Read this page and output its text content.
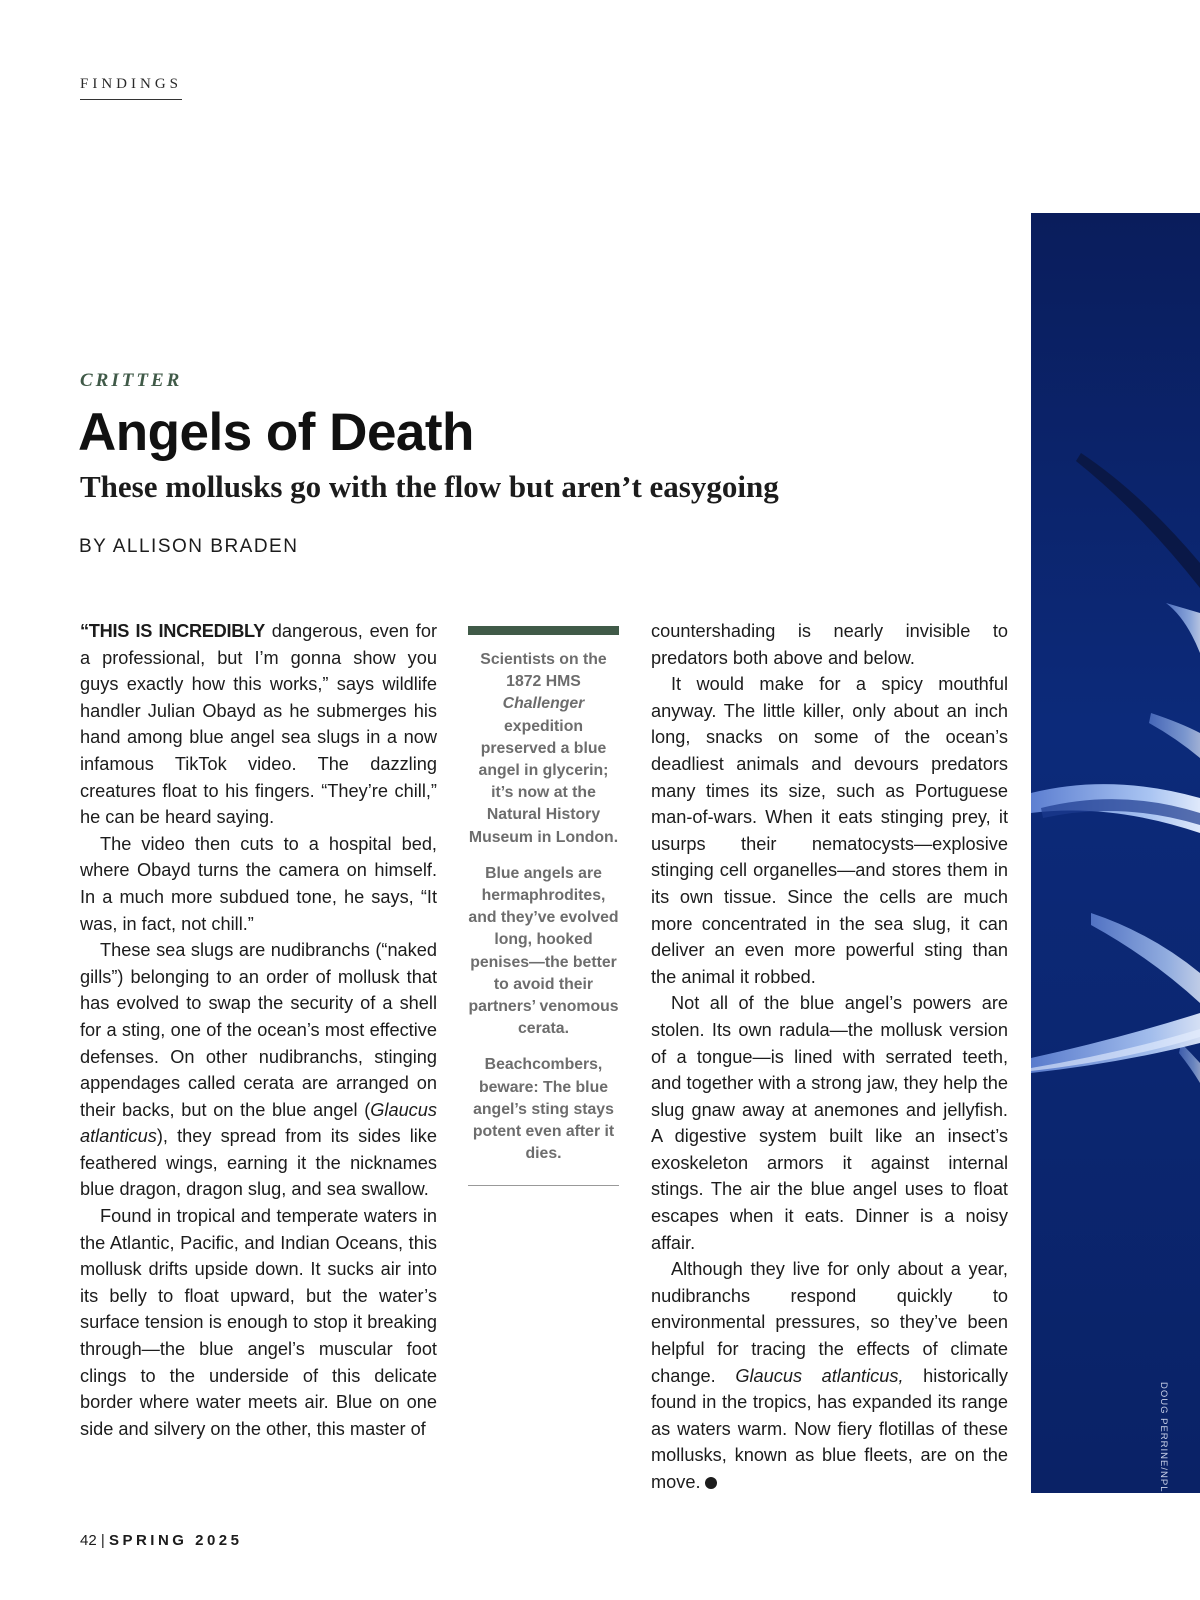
FINDINGS
CRITTER
Angels of Death
These mollusks go with the flow but aren’t easygoing
BY ALLISON BRADEN

“THIS IS INCREDIBLY dangerous, even for a professional, but I’m gonna show you guys exactly how this works,” says wildlife handler Julian Obayd as he submerges his hand among blue angel sea slugs in a now infamous TikTok video. The dazzling creatures float to his fingers. “They’re chill,” he can be heard saying.

The video then cuts to a hospital bed, where Obayd turns the camera on himself. In a much more subdued tone, he says, “It was, in fact, not chill.”

These sea slugs are nudibranchs (“naked gills”) belonging to an order of mollusk that has evolved to swap the security of a shell for a sting, one of the ocean’s most effective defenses. On other nudibranchs, stinging appendages called cerata are arranged on their backs, but on the blue angel (Glaucus atlanticus), they spread from its sides like feathered wings, earning it the nicknames blue dragon, dragon slug, and sea swallow.

Found in tropical and temperate waters in the Atlantic, Pacific, and Indian Oceans, this mollusk drifts upside down. It sucks air into its belly to float upward, but the water’s surface tension is enough to stop it breaking through—the blue angel’s muscular foot clings to the underside of this delicate border where water meets air. Blue on one side and silvery on the other, this master of

Scientists on the 1872 HMS Challenger expedition preserved a blue angel in glycerin; it’s now at the Natural History Museum in London.

Blue angels are hermaphrodites, and they’ve evolved long, hooked penises—the better to avoid their partners’ venomous cerata.

Beachcombers, beware: The blue angel’s sting stays potent even after it dies.

countershading is nearly invisible to predators both above and below.

It would make for a spicy mouthful anyway. The little killer, only about an inch long, snacks on some of the ocean’s deadliest animals and devours predators many times its size, such as Portuguese man-of-wars. When it eats stinging prey, it usurps their nematocysts—explosive stinging cell organelles—and stores them in its own tissue. Since the cells are much more concentrated in the sea slug, it can deliver an even more powerful sting than the animal it robbed.

Not all of the blue angel’s powers are stolen. Its own radula—the mollusk version of a tongue—is lined with serrated teeth, and together with a strong jaw, they help the slug gnaw away at anemones and jellyfish. A digestive system built like an insect’s exoskeleton armors it against internal stings. The air the blue angel uses to float escapes when it eats. Dinner is a noisy affair.

Although they live for only about a year, nudibranchs respond quickly to environmental pressures, so they’ve been helpful for tracing the effects of climate change. Glaucus atlanticus, historically found in the tropics, has expanded its range as waters warm. Now fiery flotillas of these mollusks, known as blue fleets, are on the move.	DOUG PERRINE/NPL
42 | SPRING 2025
